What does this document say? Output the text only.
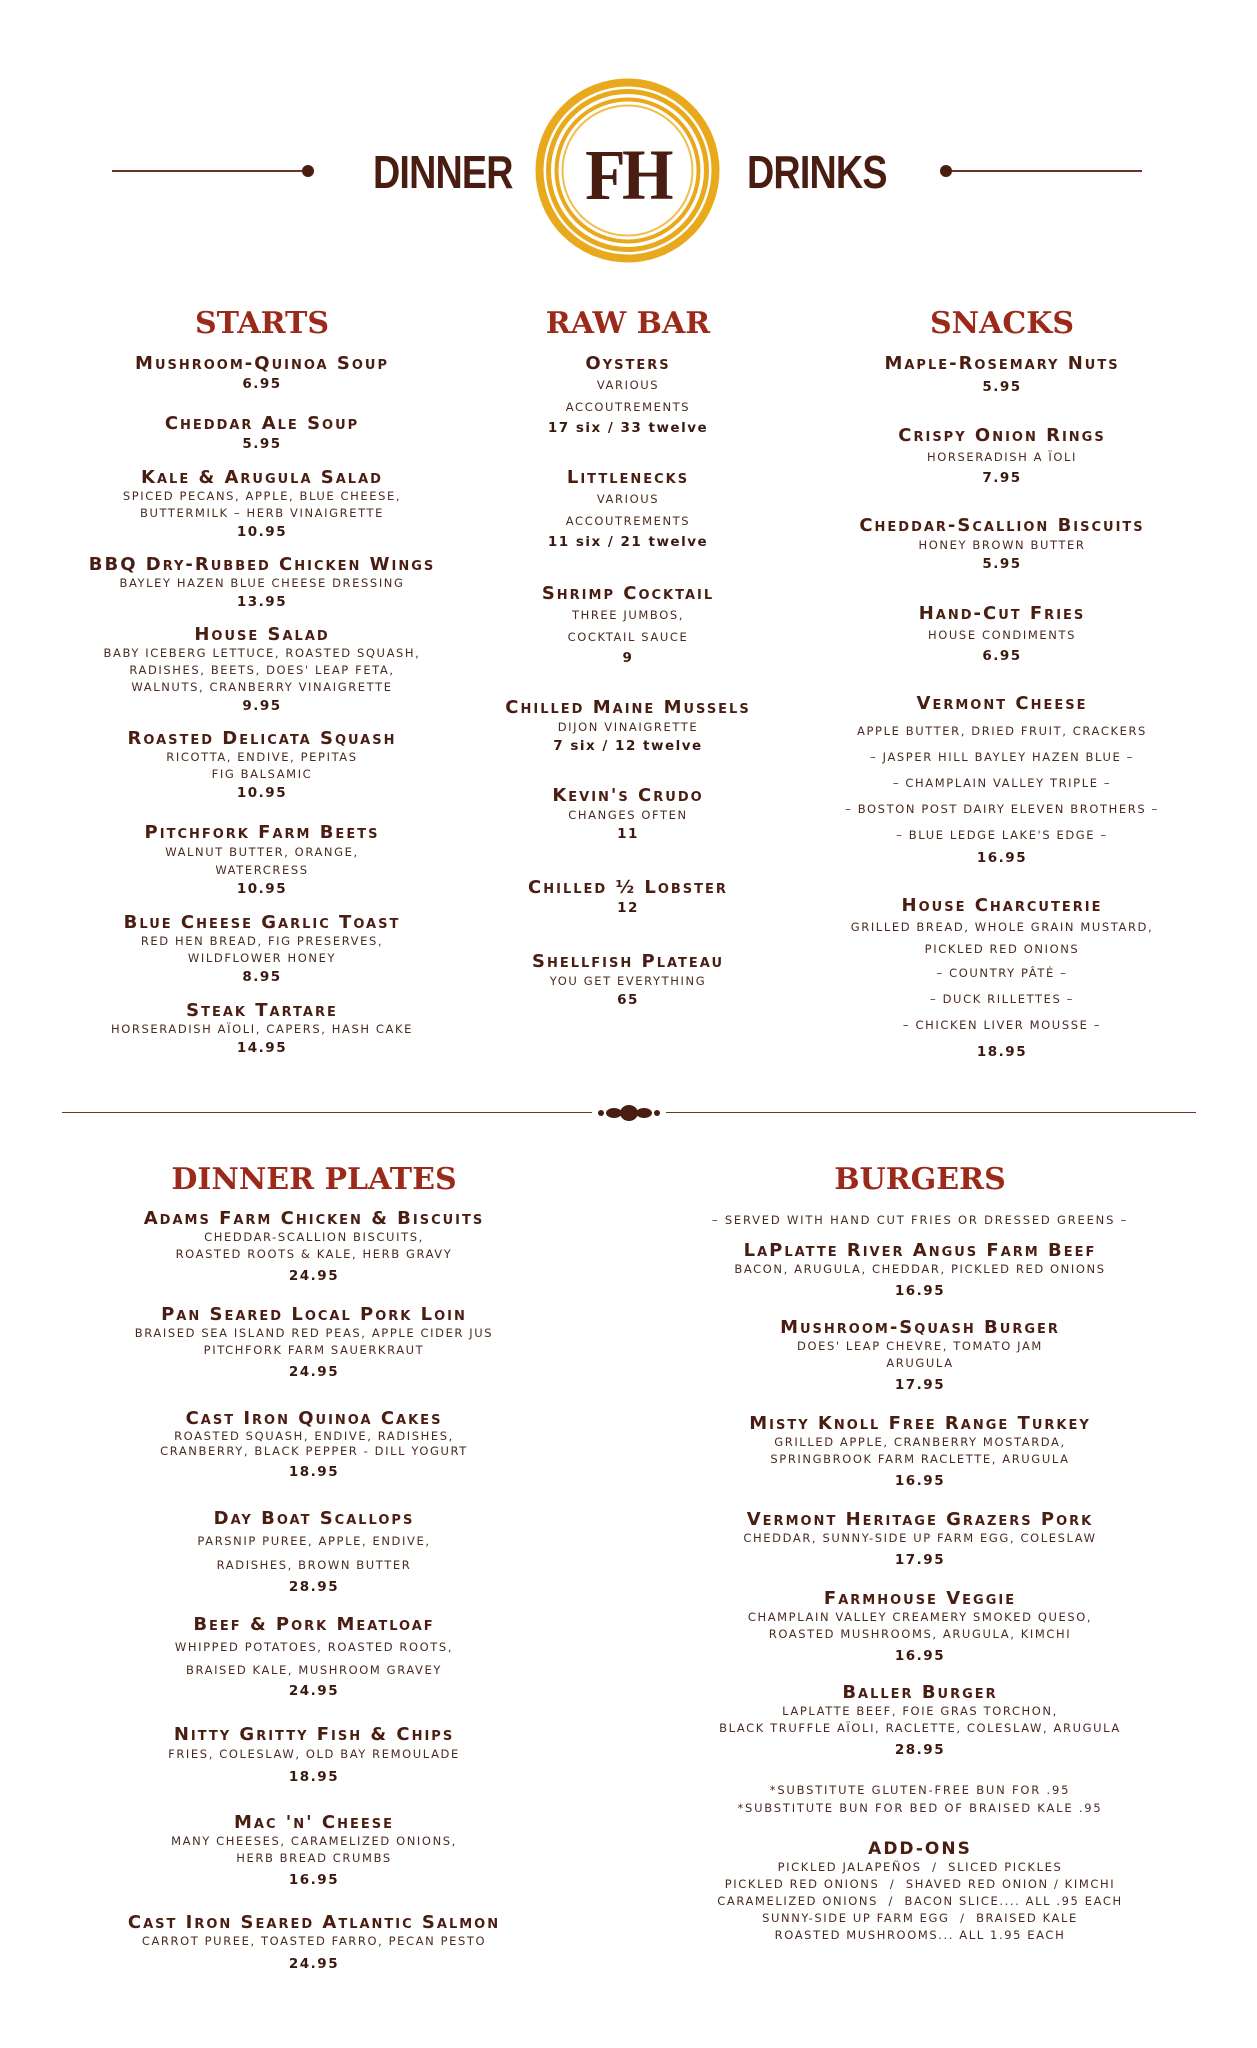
DINNER	FH	DRINKS
STARTS
Mushroom-Quinoa Soup
6.95
Cheddar Ale Soup
5.95
Kale & Arugula Salad
SPICED PECANS, APPLE, BLUE CHEESE,
BUTTERMILK – HERB VINAIGRETTE
10.95
BBQ Dry-Rubbed Chicken Wings
BAYLEY HAZEN BLUE CHEESE DRESSING
13.95
House Salad
BABY ICEBERG LETTUCE, ROASTED SQUASH,
RADISHES, BEETS, DOES' LEAP FETA,
WALNUTS, CRANBERRY VINAIGRETTE
9.95
Roasted Delicata Squash
RICOTTA, ENDIVE, PEPITAS
FIG BALSAMIC
10.95
Pitchfork Farm Beets
WALNUT BUTTER, ORANGE,
WATERCRESS
10.95
Blue Cheese Garlic Toast
RED HEN BREAD, FIG PRESERVES,
WILDFLOWER HONEY
8.95
Steak Tartare
HORSERADISH AÏOLI, CAPERS, HASH CAKE
14.95
RAW BAR
Oysters
VARIOUS
ACCOUTREMENTS
17 six / 33 twelve
Littlenecks
VARIOUS
ACCOUTREMENTS
11 six / 21 twelve
Shrimp Cocktail
THREE JUMBOS,
COCKTAIL SAUCE
9
Chilled Maine Mussels
DIJON VINAIGRETTE
7 six / 12 twelve
Kevin's Crudo
CHANGES OFTEN
11
Chilled ½ Lobster
12
Shellfish Plateau
YOU GET EVERYTHING
65
SNACKS
Maple-Rosemary Nuts
5.95
Crispy Onion Rings
HORSERADISH A ÏOLI
7.95
Cheddar-Scallion Biscuits
HONEY BROWN BUTTER
5.95
Hand-Cut Fries
HOUSE CONDIMENTS
6.95
Vermont Cheese
APPLE BUTTER, DRIED FRUIT, CRACKERS
– JASPER HILL BAYLEY HAZEN BLUE –
– CHAMPLAIN VALLEY TRIPLE –
– BOSTON POST DAIRY ELEVEN BROTHERS –
– BLUE LEDGE LAKE'S EDGE –
16.95
House Charcuterie
GRILLED BREAD, WHOLE GRAIN MUSTARD,
PICKLED RED ONIONS
– COUNTRY PÂTÉ –
– DUCK RILLETTES –
– CHICKEN LIVER MOUSSE –
18.95
DINNER PLATES
Adams Farm Chicken & Biscuits
CHEDDAR-SCALLION BISCUITS,
ROASTED ROOTS & KALE, HERB GRAVY
24.95
Pan Seared Local Pork Loin
BRAISED SEA ISLAND RED PEAS, APPLE CIDER JUS
PITCHFORK FARM SAUERKRAUT
24.95
Cast Iron Quinoa Cakes
ROASTED SQUASH, ENDIVE, RADISHES,
CRANBERRY, BLACK PEPPER - DILL YOGURT
18.95
Day Boat Scallops
PARSNIP PUREE, APPLE, ENDIVE,
RADISHES, BROWN BUTTER
28.95
Beef & Pork Meatloaf
WHIPPED POTATOES, ROASTED ROOTS,
BRAISED KALE, MUSHROOM GRAVEY
24.95
Nitty Gritty Fish & Chips
FRIES, COLESLAW, OLD BAY REMOULADE
18.95
Mac 'n' Cheese
MANY CHEESES, CARAMELIZED ONIONS,
HERB BREAD CRUMBS
16.95
Cast Iron Seared Atlantic Salmon
CARROT PUREE, TOASTED FARRO, PECAN PESTO
24.95
BURGERS
– SERVED WITH HAND CUT FRIES OR DRESSED GREENS –
LaPlatte River Angus Farm Beef
BACON, ARUGULA, CHEDDAR, PICKLED RED ONIONS
16.95
Mushroom-Squash Burger
DOES' LEAP CHEVRE, TOMATO JAM
ARUGULA
17.95
Misty Knoll Free Range Turkey
GRILLED APPLE, CRANBERRY MOSTARDA,
SPRINGBROOK FARM RACLETTE, ARUGULA
16.95
Vermont Heritage Grazers Pork
CHEDDAR, SUNNY-SIDE UP FARM EGG, COLESLAW
17.95
Farmhouse Veggie
CHAMPLAIN VALLEY CREAMERY SMOKED QUESO,
ROASTED MUSHROOMS, ARUGULA, KIMCHI
16.95
Baller Burger
LAPLATTE BEEF, FOIE GRAS TORCHON,
BLACK TRUFFLE AÏOLI, RACLETTE, COLESLAW, ARUGULA
28.95
*SUBSTITUTE GLUTEN-FREE BUN FOR .95
*SUBSTITUTE BUN FOR BED OF BRAISED KALE .95
ADD-ONS
PICKLED JALAPEÑOS  /  SLICED PICKLES
PICKLED RED ONIONS  /  SHAVED RED ONION / KIMCHI
CARAMELIZED ONIONS  /  BACON SLICE.... ALL .95 EACH
SUNNY-SIDE UP FARM EGG  /  BRAISED KALE
ROASTED MUSHROOMS... ALL 1.95 EACH
